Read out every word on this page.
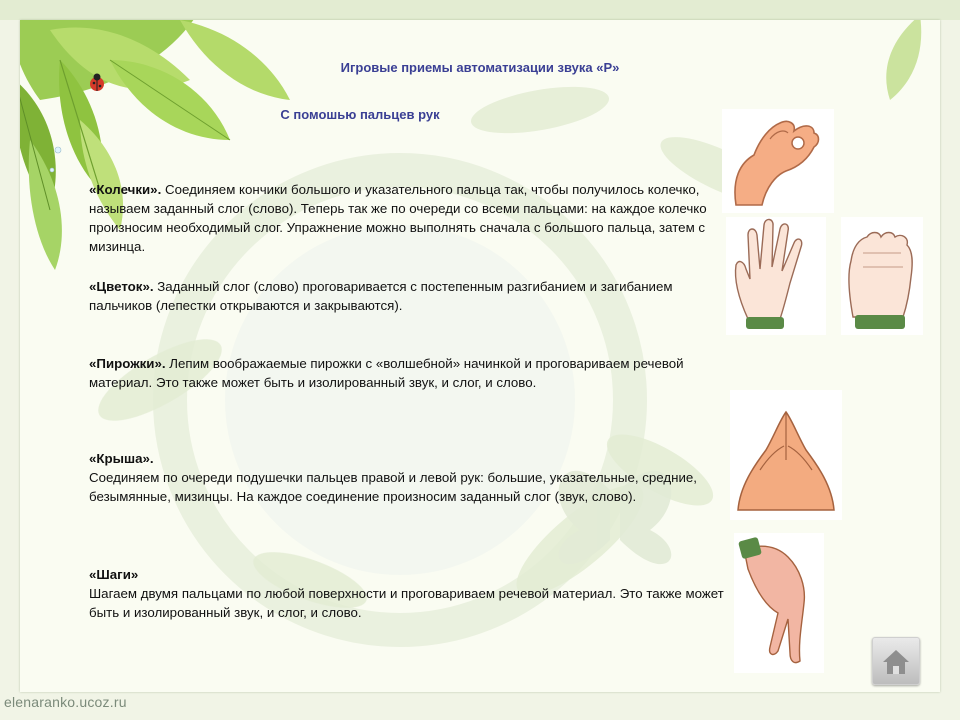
Игровые приемы автоматизации звука «Р»
С помошью пальцев рук
«Колечки». Соединяем кончики большого и указательного пальца так, чтобы получилось колечко, называем заданный слог (слово). Теперь так же по очереди со всеми пальцами: на каждое колечко произносим необходимый слог. Упражнение можно выполнять сначала с большого пальца, затем с мизинца.
«Цветок». Заданный слог (слово) проговаривается с постепенным разгибанием и загибанием пальчиков (лепестки открываются и закрываются).
«Пирожки». Лепим воображаемые пирожки с «волшебной» начинкой и проговариваем речевой материал. Это также может быть и изолированный звук, и слог, и слово.
«Крыша».
Соединяем по очереди подушечки пальцев правой и левой рук: большие, указательные, средние, безымянные, мизинцы. На каждое соединение произносим заданный слог (звук, слово).
«Шаги»
Шагаем двумя пальцами по любой поверхности и проговариваем речевой материал. Это также может быть и изолированный звук, и слог, и слово.
elenaranko.ucoz.ru
